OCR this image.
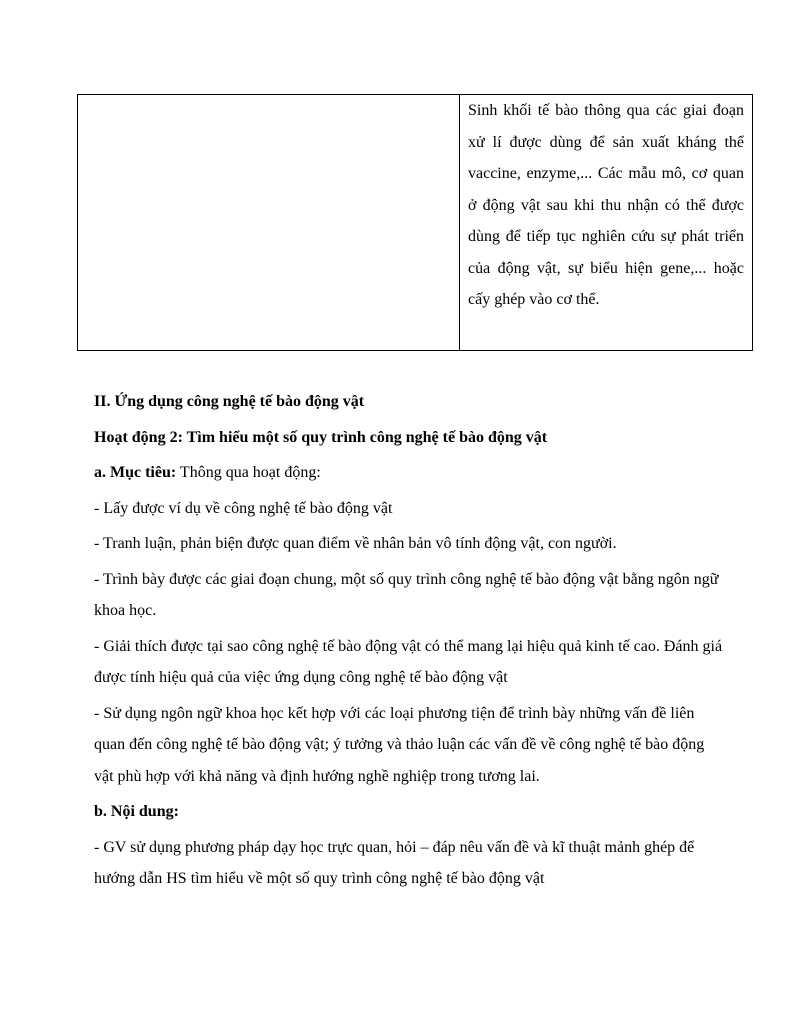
Sinh khối tế bào thông qua các giai đoạn xử lí được dùng để sản xuất kháng thể vaccine, enzyme,... Các mẫu mô, cơ quan ở động vật sau khi thu nhận có thể được dùng để tiếp tục nghiên cứu sự phát triển của động vật, sự biểu hiện gene,... hoặc cấy ghép vào cơ thể.

II. Ứng dụng công nghệ tế bào động vật

Hoạt động 2: Tìm hiểu một số quy trình công nghệ tế bào động vật

a. Mục tiêu: Thông qua hoạt động:

- Lấy được ví dụ về công nghệ tế bào động vật

- Tranh luận, phản biện được quan điểm về nhân bản vô tính động vật, con người.

- Trình bày được các giai đoạn chung, một số quy trình công nghệ tế bào động vật bằng ngôn ngữ khoa học.

- Giải thích được tại sao công nghệ tế bào động vật có thể mang lại hiệu quả kinh tế cao. Đánh giá được tính hiệu quả của việc ứng dụng công nghệ tế bào động vật

- Sử dụng ngôn ngữ khoa học kết hợp với các loại phương tiện để trình bày những vấn đề liên quan đến công nghệ tế bào động vật; ý tưởng và thảo luận các vấn đề về công nghệ tế bào động vật phù hợp với khả năng và định hướng nghề nghiệp trong tương lai.

b. Nội dung:

- GV sử dụng phương pháp dạy học trực quan, hỏi – đáp nêu vấn đề và kĩ thuật mảnh ghép để hướng dẫn HS tìm hiểu về một số quy trình công nghệ tế bào động vật
